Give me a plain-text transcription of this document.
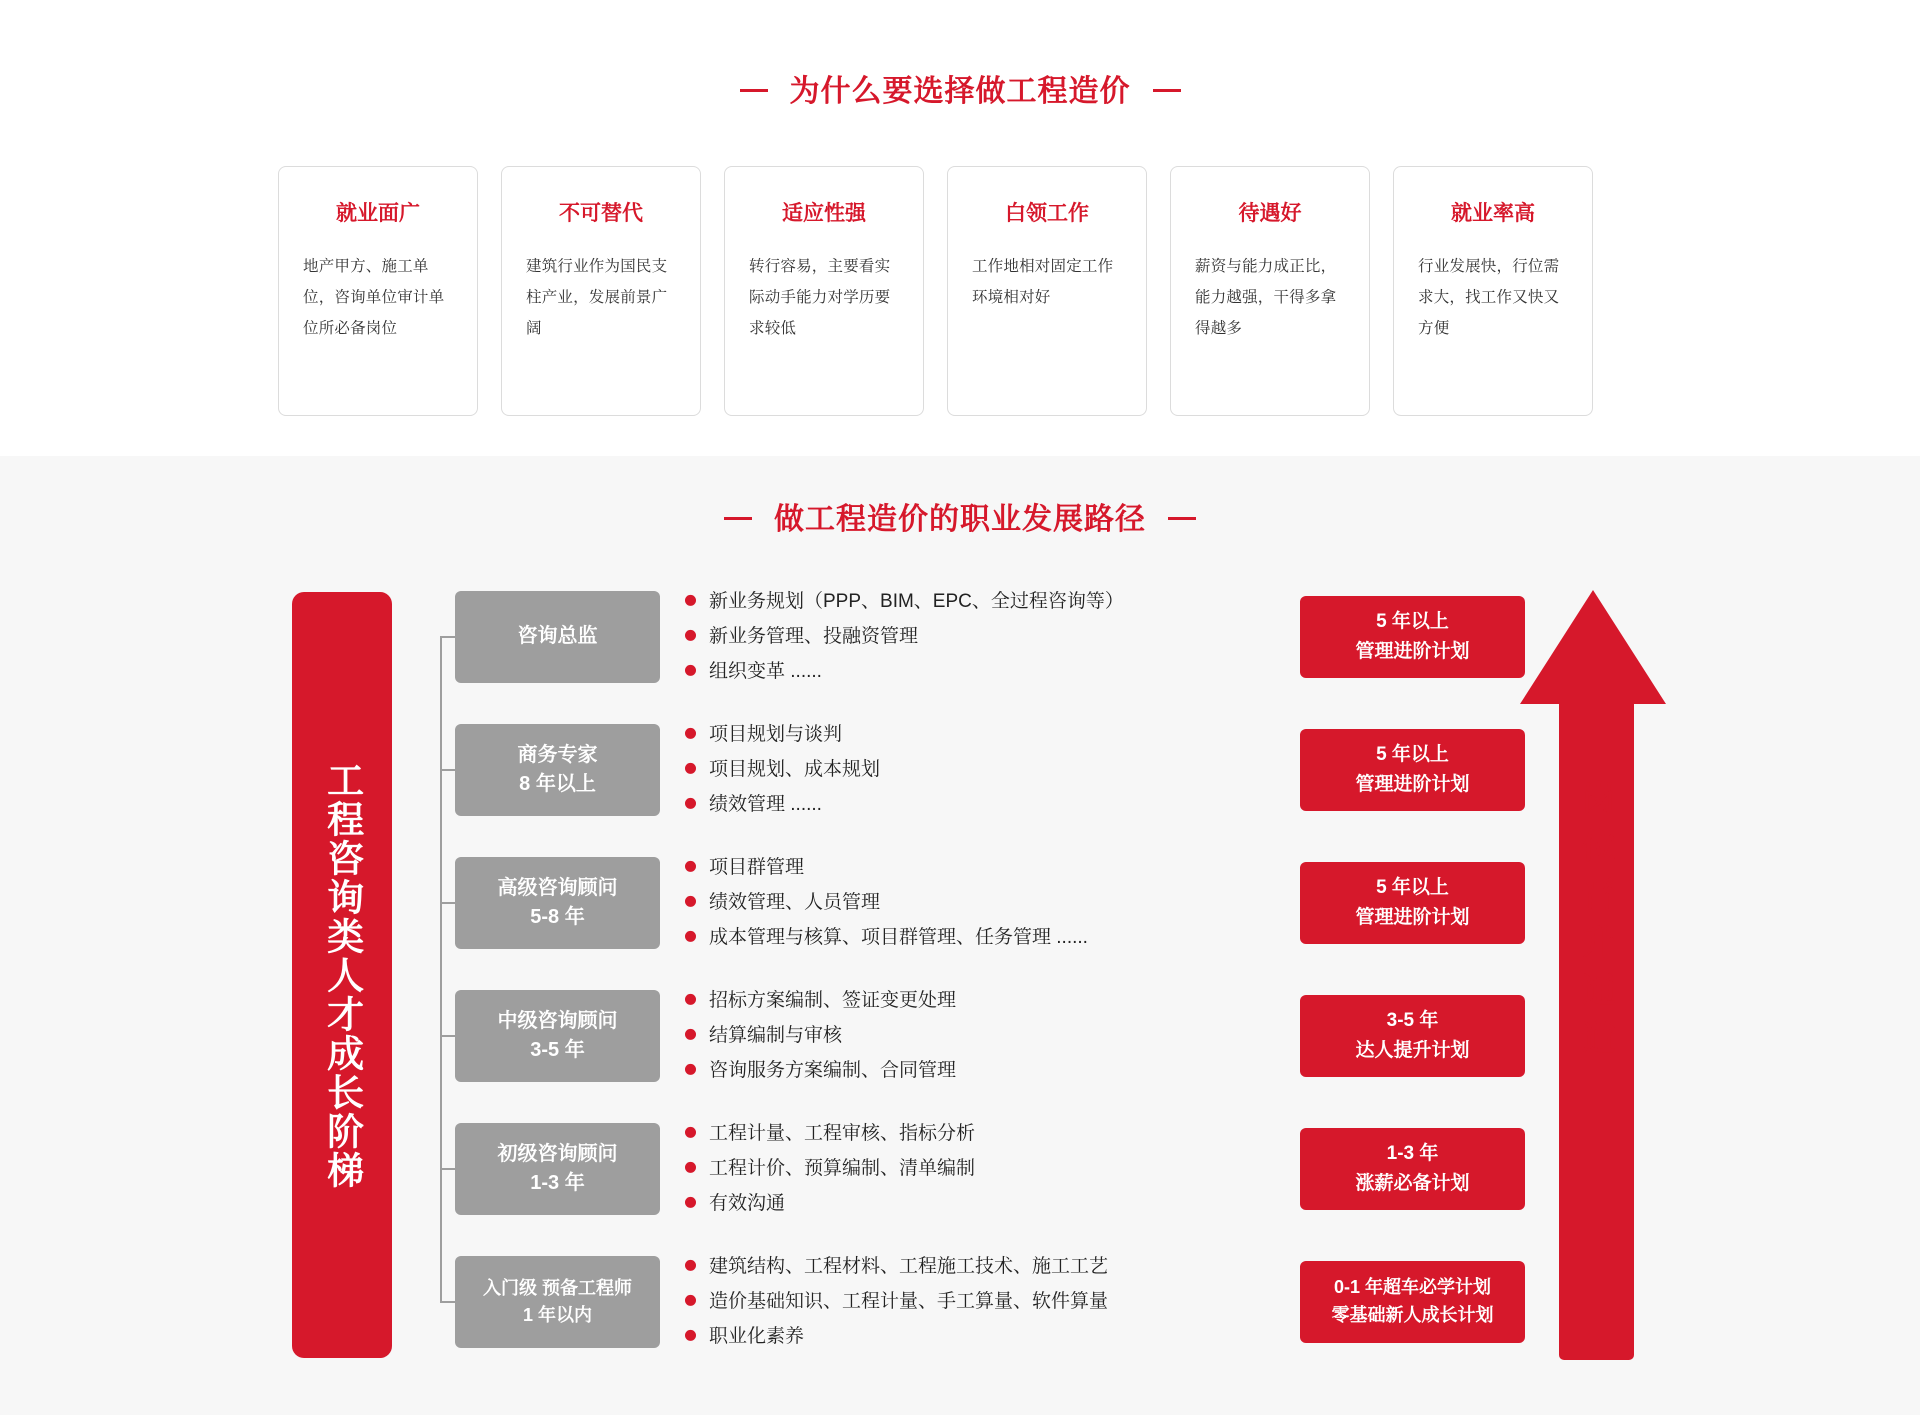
为什么要选择做工程造价
就业面广
地产甲方、施工单位，咨询单位审计单位所必备岗位
不可替代
建筑行业作为国民支柱产业，发展前景广阔
适应性强
转行容易，主要看实际动手能力对学历要求较低
白领工作
工作地相对固定工作环境相对好
待遇好
薪资与能力成正比，能力越强，干得多拿得越多
就业率高
行业发展快，行位需求大，找工作又快又方便
做工程造价的职业发展路径
工程咨询类人才成长阶梯
咨询总监
新业务规划（PPP、BIM、EPC、全过程咨询等）
新业务管理、投融资管理
组织变革 ......
5 年以上
管理进阶计划
商务专家
8 年以上
项目规划与谈判
项目规划、成本规划
绩效管理 ......
5 年以上
管理进阶计划
高级咨询顾问
5-8 年
项目群管理
绩效管理、人员管理
成本管理与核算、项目群管理、任务管理 ......
5 年以上
管理进阶计划
中级咨询顾问
3-5 年
招标方案编制、签证变更处理
结算编制与审核
咨询服务方案编制、合同管理
3-5 年
达人提升计划
初级咨询顾问
1-3 年
工程计量、工程审核、指标分析
工程计价、预算编制、清单编制
有效沟通
1-3 年
涨薪必备计划
入门级 预备工程师
1 年以内
建筑结构、工程材料、工程施工技术、施工工艺
造价基础知识、工程计量、手工算量、软件算量
职业化素养
0-1 年超车必学计划
零基础新人成长计划
岗位晋升通道
